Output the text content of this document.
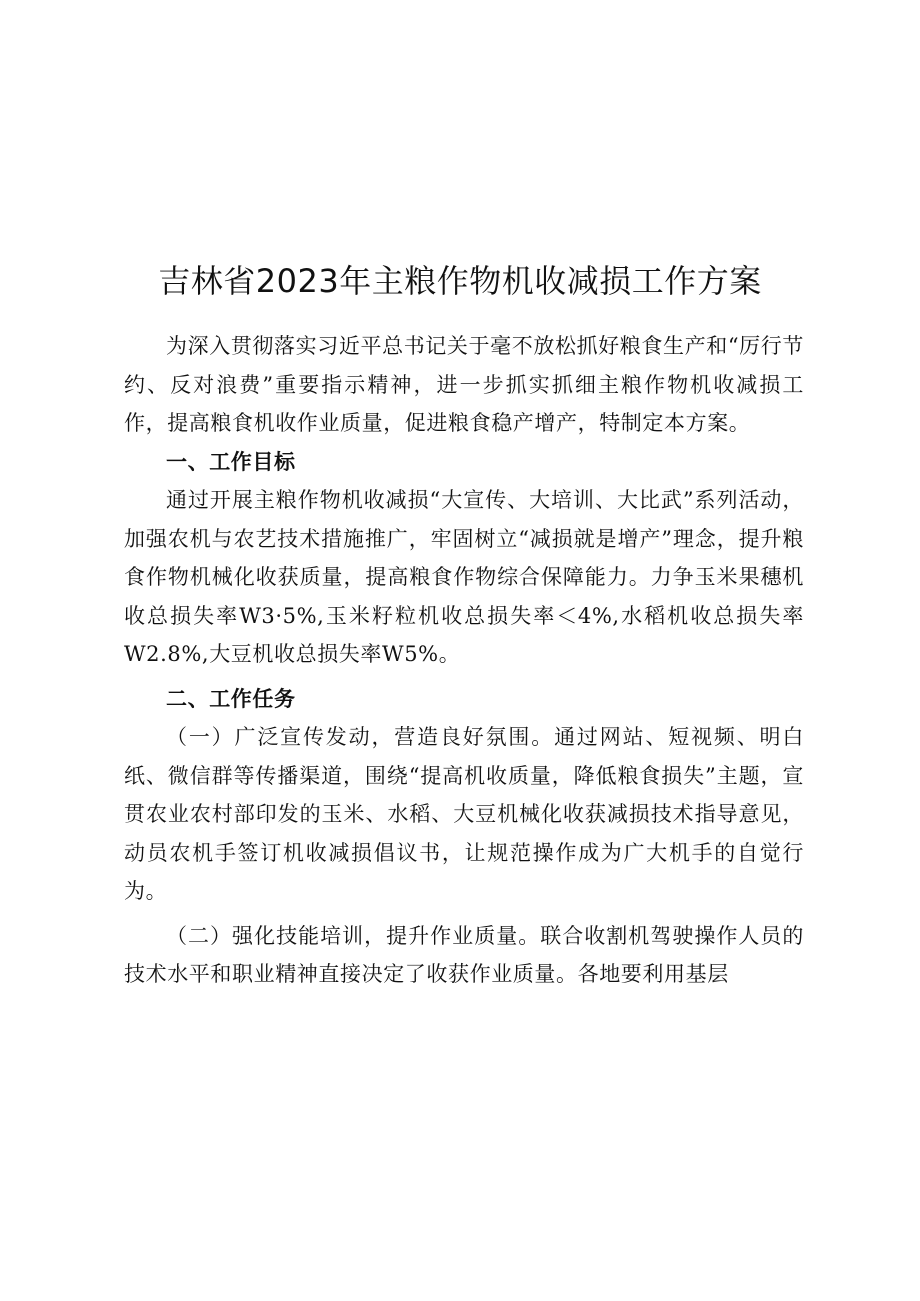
吉林省2023年主粮作物机收减损工作方案

为深入贯彻落实习近平总书记关于毫不放松抓好粮食生产和“厉行节约、反对浪费”重要指示精神，进一步抓实抓细主粮作物机收减损工作，提高粮食机收作业质量，促进粮食稳产增产，特制定本方案。

一、工作目标

通过开展主粮作物机收减损“大宣传、大培训、大比武”系列活动，加强农机与农艺技术措施推广，牢固树立“减损就是增产”理念，提升粮食作物机械化收获质量，提高粮食作物综合保障能力。力争玉米果穗机收总损失率W3·5%,玉米籽粒机收总损失率＜4%,水稻机收总损失率W2.8%,大豆机收总损失率W5%。

二、工作任务

（一）广泛宣传发动，营造良好氛围。通过网站、短视频、明白纸、微信群等传播渠道，围绕“提高机收质量，降低粮食损失”主题，宣贯农业农村部印发的玉米、水稻、大豆机械化收获减损技术指导意见，动员农机手签订机收减损倡议书，让规范操作成为广大机手的自觉行为。

（二）强化技能培训，提升作业质量。联合收割机驾驶操作人员的技术水平和职业精神直接决定了收获作业质量。各地要利用基层
